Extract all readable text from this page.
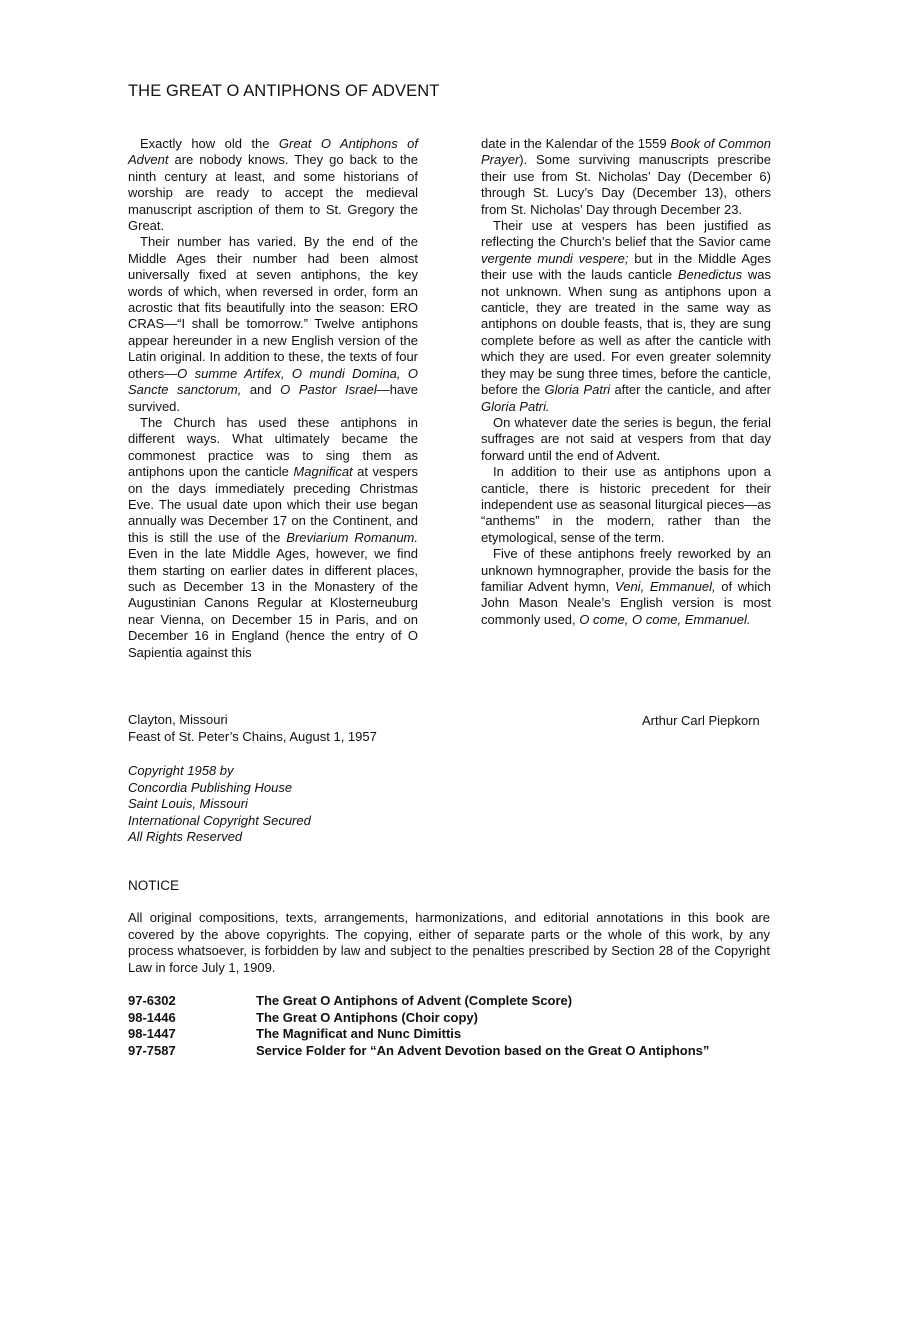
THE GREAT O ANTIPHONS OF ADVENT

Exactly how old the Great O Antiphons of Advent are nobody knows. They go back to the ninth century at least, and some historians of worship are ready to accept the medieval manuscript ascription of them to St. Gregory the Great.

Their number has varied. By the end of the Middle Ages their number had been almost universally fixed at seven antiphons, the key words of which, when reversed in order, form an acrostic that fits beautifully into the season: ERO CRAS—“I shall be tomorrow.” Twelve antiphons appear hereunder in a new English version of the Latin original. In addition to these, the texts of four others—O summe Artifex, O mundi Domina, O Sancte sanctorum, and O Pastor Israel—have survived.

The Church has used these antiphons in different ways. What ultimately became the commonest practice was to sing them as antiphons upon the canticle Magnificat at vespers on the days immediately preceding Christmas Eve. The usual date upon which their use began annually was December 17 on the Continent, and this is still the use of the Breviarium Romanum. Even in the late Middle Ages, however, we find them starting on earlier dates in different places, such as December 13 in the Monastery of the Augustinian Canons Regular at Klosterneuburg near Vienna, on December 15 in Paris, and on December 16 in England (hence the entry of O Sapientia against this

date in the Kalendar of the 1559 Book of Common Prayer). Some surviving manuscripts prescribe their use from St. Nicholas’ Day (December 6) through St. Lucy’s Day (December 13), others from St. Nicholas’ Day through December 23.

Their use at vespers has been justified as reflecting the Church’s belief that the Savior came vergente mundi vespere; but in the Middle Ages their use with the lauds canticle Benedictus was not unknown. When sung as antiphons upon a canticle, they are treated in the same way as antiphons on double feasts, that is, they are sung complete before as well as after the canticle with which they are used. For even greater solemnity they may be sung three times, before the canticle, before the Gloria Patri after the canticle, and after Gloria Patri.

On whatever date the series is begun, the ferial suffrages are not said at vespers from that day forward until the end of Advent.

In addition to their use as antiphons upon a canticle, there is historic precedent for their independent use as seasonal liturgical pieces—as “anthems” in the modern, rather than the etymological, sense of the term.

Five of these antiphons freely reworked by an unknown hymnographer, provide the basis for the familiar Advent hymn, Veni, Emmanuel, of which John Mason Neale’s English version is most commonly used, O come, O come, Emmanuel.

Clayton, Missouri
Feast of St. Peter’s Chains, August 1, 1957
Arthur Carl Piepkorn
Copyright 1958 by
Concordia Publishing House
Saint Louis, Missouri
International Copyright Secured
All Rights Reserved
NOTICE
All original compositions, texts, arrangements, harmonizations, and editorial annotations in this book are covered by the above copyrights. The copying, either of separate parts or the whole of this work, by any process whatsoever, is forbidden by law and subject to the penalties prescribed by Section 28 of the Copyright Law in force July 1, 1909.
97-6302	The Great O Antiphons of Advent (Complete Score)
98-1446	The Great O Antiphons (Choir copy)
98-1447	The Magnificat and Nunc Dimittis
97-7587	Service Folder for “An Advent Devotion based on the Great O Antiphons”
